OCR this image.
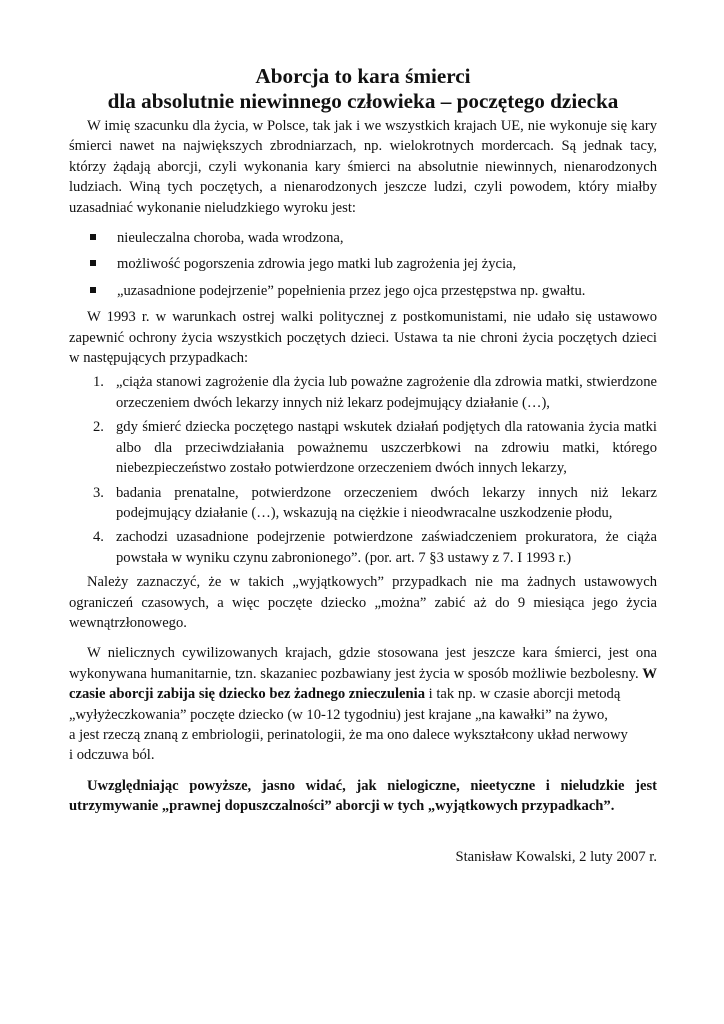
Aborcja to kara śmierci
dla absolutnie niewinnego człowieka – poczętego dziecka

W imię szacunku dla życia, w Polsce, tak jak i we wszystkich krajach UE, nie wykonuje się kary śmierci nawet na największych zbrodniarzach, np. wielokrotnych mordercach. Są jednak tacy, którzy żądają aborcji, czyli wykonania kary śmierci na absolutnie niewinnych, nienarodzonych ludziach. Winą tych poczętych, a nienarodzonych jeszcze ludzi, czyli powodem, który miałby uzasadniać wykonanie nieludzkiego wyroku jest:

nieuleczalna choroba, wada wrodzona,
możliwość pogorszenia zdrowia jego matki lub zagrożenia jej życia,
„uzasadnione podejrzenie” popełnienia przez jego ojca przestępstwa np. gwałtu.

W 1993 r. w warunkach ostrej walki politycznej z postkomunistami, nie udało się ustawowo zapewnić ochrony życia wszystkich poczętych dzieci. Ustawa ta nie chroni życia poczętych dzieci w następujących przypadkach:

1. „ciąża stanowi zagrożenie dla życia lub poważne zagrożenie dla zdrowia matki, stwierdzone orzeczeniem dwóch lekarzy innych niż lekarz podejmujący działanie (…),
2. gdy śmierć dziecka poczętego nastąpi wskutek działań podjętych dla ratowania życia matki albo dla przeciwdziałania poważnemu uszczerbkowi na zdrowiu matki, którego niebezpieczeństwo zostało potwierdzone orzeczeniem dwóch innych lekarzy,
3. badania prenatalne, potwierdzone orzeczeniem dwóch lekarzy innych niż lekarz podejmujący działanie (…), wskazują na ciężkie i nieodwracalne uszkodzenie płodu,
4. zachodzi uzasadnione podejrzenie potwierdzone zaświadczeniem prokuratora, że ciąża powstała w wyniku czynu zabronionego”. (por. art. 7 §3 ustawy z 7. I 1993 r.)

Należy zaznaczyć, że w takich „wyjątkowych” przypadkach nie ma żadnych ustawowych ograniczeń czasowych, a więc poczęte dziecko „można” zabić aż do 9 miesiąca jego życia wewnątrzłonowego.

W nielicznych cywilizowanych krajach, gdzie stosowana jest jeszcze kara śmierci, jest ona wykonywana humanitarnie, tzn. skazaniec pozbawiany jest życia w sposób możliwie bezbolesny. W czasie aborcji zabija się dziecko bez żadnego znieczulenia i tak np. w czasie aborcji metodą

„wyłyżeczkowania” poczęte dziecko (w 10-12 tygodniu) jest krajane „na kawałki” na żywo,

a jest rzeczą znaną z embriologii, perinatologii, że ma ono dalece wykształcony układ nerwowy

i odczuwa ból.

Uwzględniając powyższe, jasno widać, jak nielogiczne, nieetyczne i nieludzkie jest utrzymywanie „prawnej dopuszczalności” aborcji w tych „wyjątkowych przypadkach”.

Stanisław Kowalski, 2 luty 2007 r.
